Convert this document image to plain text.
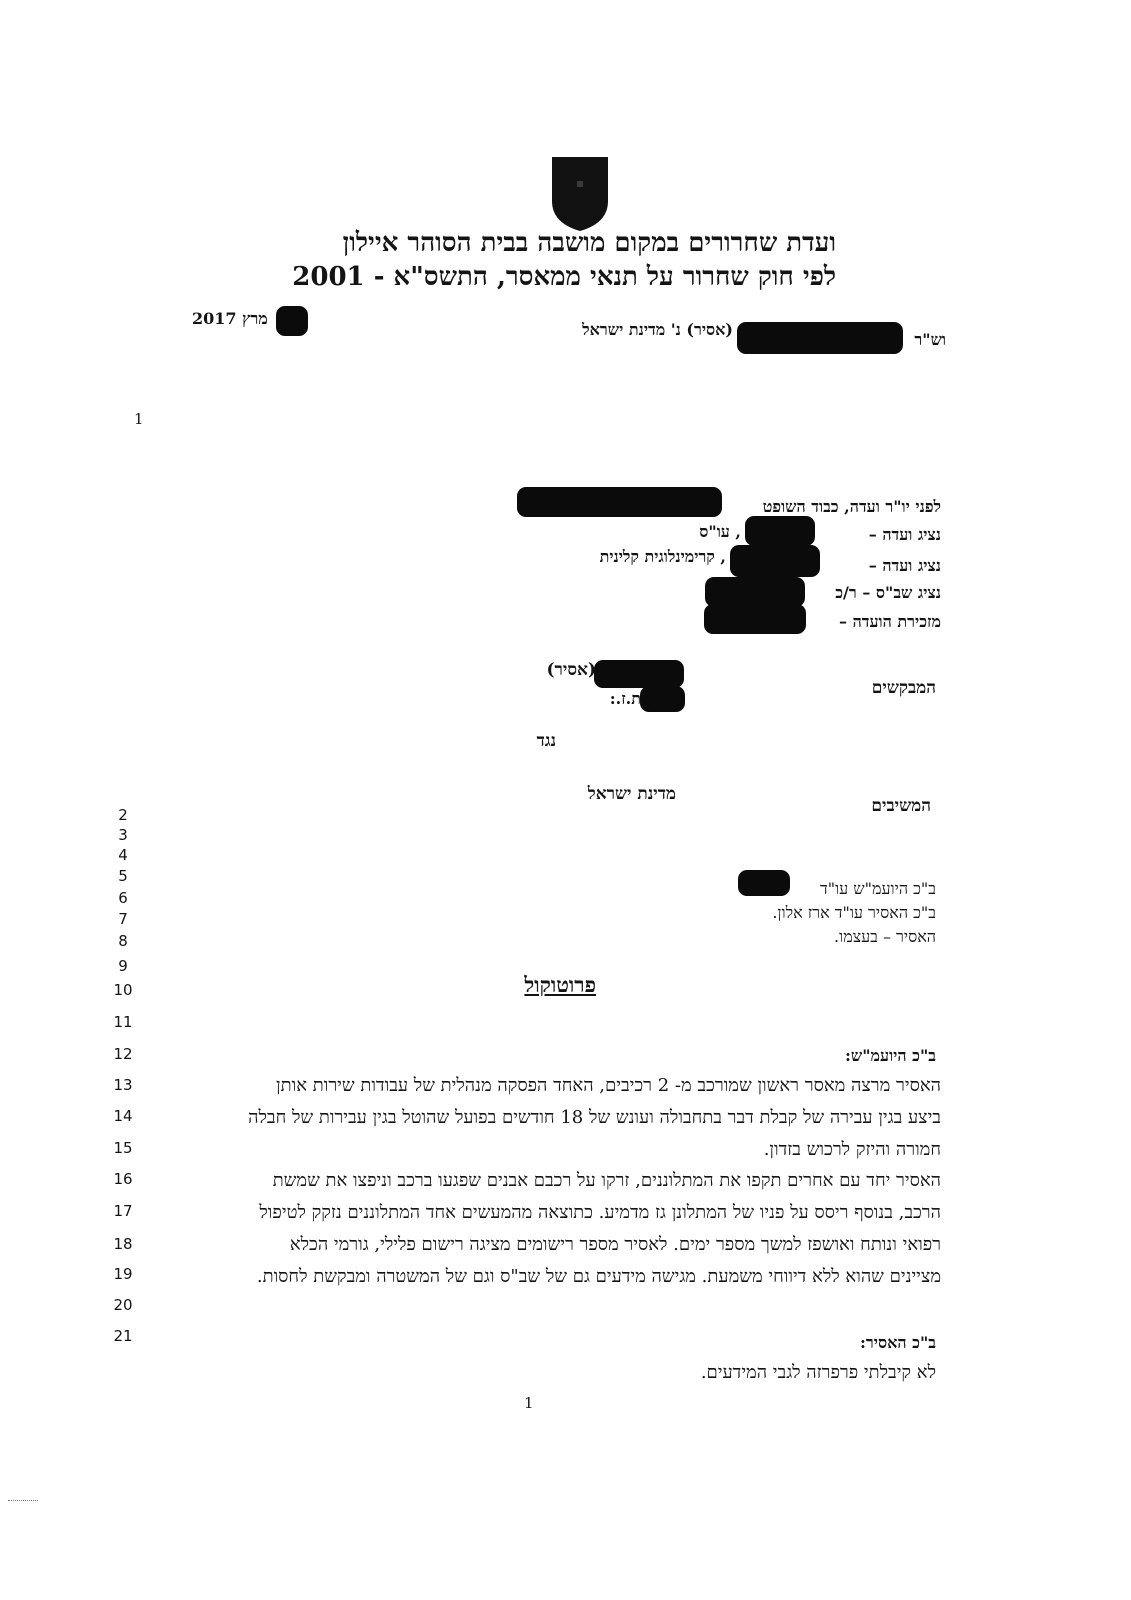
ועדת שחרורים במקום מושבה בבית הסוהר איילון
לפי חוק שחרור על תנאי ממאסר, התשס"א - 2001
מרץ 2017
וש"ר
(אסיר) נ' מדינת ישראל
1
לפני יו"ר ועדה, כבוד השופט
נציג ועדה –
, עו"ס
נציג ועדה –
, קרימינלוגית קלינית
נציג שב"ס – ר/כ
מזכירת הועדה –
המבקשים
(אסיר)
ת.ז.:
נגד
מדינת ישראל
המשיבים
ב"כ היועמ"ש עו"ד
ב"כ האסיר עו"ד ארז אלון.
האסיר – בעצמו.
פרוטוקול
ב"כ היועמ"ש:
האסיר מרצה מאסר ראשון שמורכב מ- 2 רכיבים, האחד הפסקה מנהלית של עבודות שירות אותן
ביצע בגין עבירה של קבלת דבר בתחבולה ועונש של 18 חודשים בפועל שהוטל בגין עבירות של חבלה
חמורה והיזק לרכוש בזדון.
האסיר יחד עם אחרים תקפו את המתלוננים, זרקו על רכבם אבנים שפגעו ברכב וניפצו את שמשת
הרכב, בנוסף ריסס על פניו של המתלונן גז מדמיע. כתוצאה מהמעשים אחד המתלוננים נזקק לטיפול
רפואי ונותח ואושפז למשך מספר ימים. לאסיר מספר רישומים מציגה רישום פלילי, גורמי הכלא
מציינים שהוא ללא דיווחי משמעת. מגישה מידעים גם של שב"ס וגם של המשטרה ומבקשת לחסות.
ב"כ האסיר:
לא קיבלתי פרפרזה לגבי המידעים.
2
3
4
5
6
7
8
9
10
11
12
13
14
15
16
17
18
19
20
21
1
